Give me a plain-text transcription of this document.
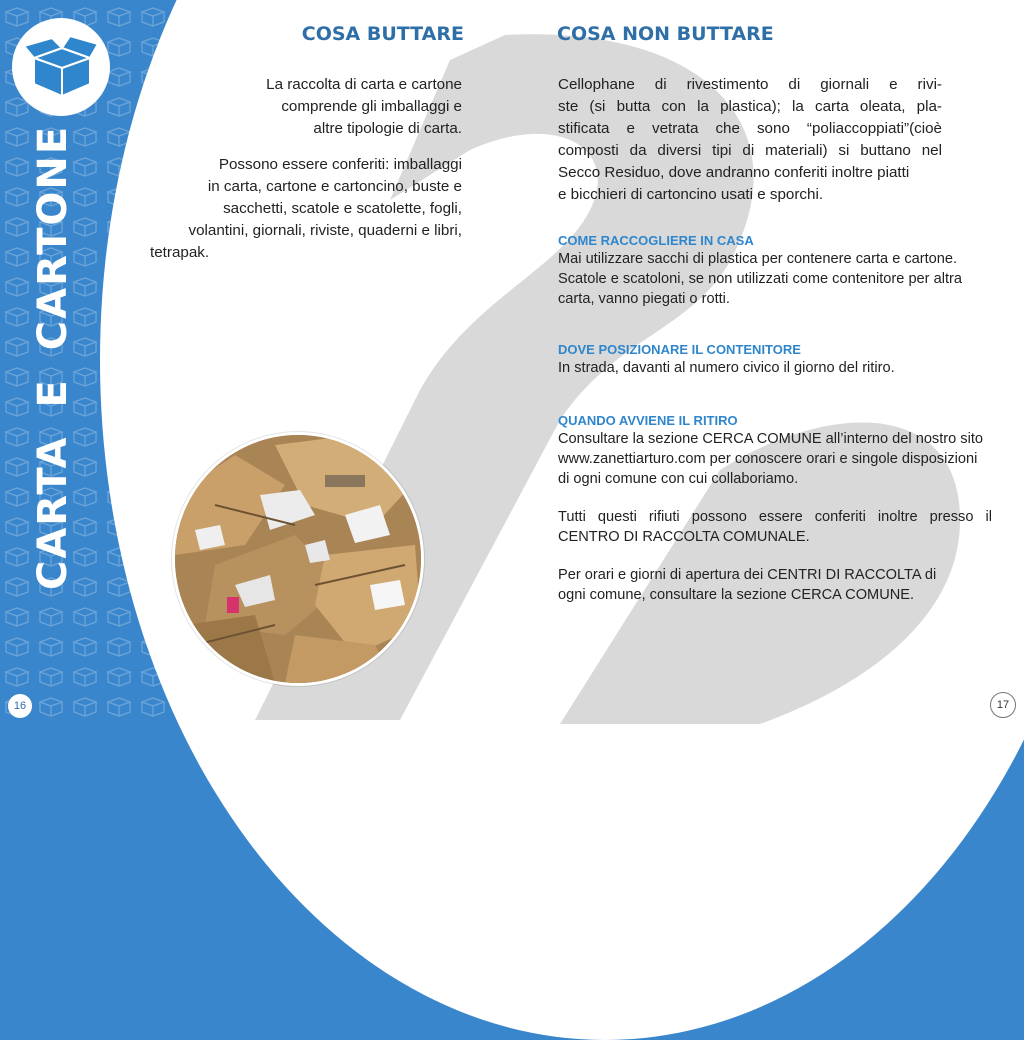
CARTAECARTONE
COME DIFFERENZIARE
I RIFIUTI
COSA BUTTARE
La raccolta di carta e cartone
comprende gli imballaggi e
altre tipologie di carta.
Possono essere conferiti: imballaggi
in carta, cartone e cartoncino, buste e
sacchetti, scatole e scatolette, fogli,
volantini, giornali, riviste, quaderni e libri,
tetrapak.
COSA NON BUTTARE
Cellophane di rivestimento di giornali e rivi-
ste (si butta con la plastica); la carta oleata, pla-
stificata e vetrata che sono “poliaccoppiati”(cioè
composti da diversi tipi di materiali) si buttano nel
Secco Residuo, dove andranno conferiti inoltre piatti
e bicchieri di cartoncino usati e sporchi.
COME RACCOGLIERE IN CASA
Mai utilizzare sacchi di plastica per contenere carta e cartone.
Scatole e scatoloni, se non utilizzati come contenitore per altra
carta, vanno piegati o rotti.
DOVE POSIZIONARE IL CONTENITORE
In strada, davanti al numero civico il giorno del ritiro.
QUANDO AVVIENE IL RITIRO
Consultare la sezione CERCA COMUNE all’interno del nostro sito
www.zanettiarturo.com per conoscere orari e singole disposizioni
di ogni comune con cui collaboriamo.
Tutti questi rifiuti possono essere conferiti inoltre presso il
CENTRO DI RACCOLTA COMUNALE.
Per orari e giorni di apertura dei CENTRI DI RACCOLTA di
ogni comune, consultare la sezione CERCA COMUNE.
16	17
